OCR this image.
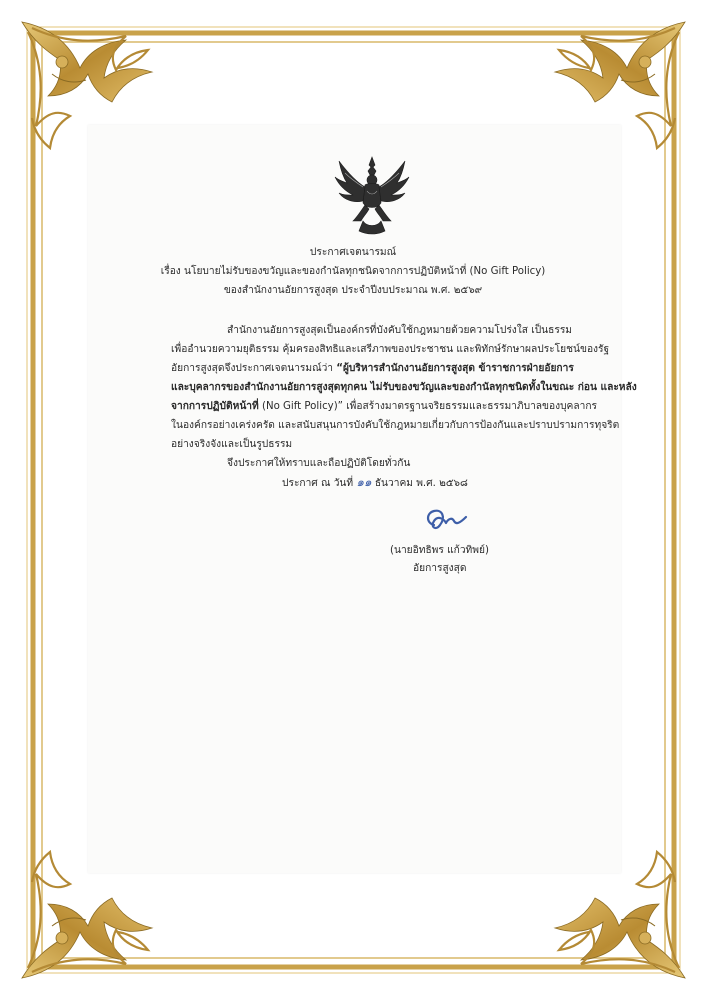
ประกาศเจตนารมณ์
เรื่อง นโยบายไม่รับของขวัญและของกำนัลทุกชนิดจากการปฏิบัติหน้าที่ (No Gift Policy)
ของสำนักงานอัยการสูงสุด ประจำปีงบประมาณ พ.ศ. ๒๕๖๙
สำนักงานอัยการสูงสุดเป็นองค์กรที่บังคับใช้กฎหมายด้วยความโปร่งใส เป็นธรรม
เพื่ออำนวยความยุติธรรม คุ้มครองสิทธิและเสรีภาพของประชาชน และพิทักษ์รักษาผลประโยชน์ของรัฐ
อัยการสูงสุดจึงประกาศเจตนารมณ์ว่า “ผู้บริหารสำนักงานอัยการสูงสุด ข้าราชการฝ่ายอัยการ
และบุคลากรของสำนักงานอัยการสูงสุดทุกคน ไม่รับของขวัญและของกำนัลทุกชนิดทั้งในขณะ ก่อน และหลัง
จากการปฏิบัติหน้าที่ (No Gift Policy)” เพื่อสร้างมาตรฐานจริยธรรมและธรรมาภิบาลของบุคลากร
ในองค์กรอย่างเคร่งครัด และสนับสนุนการบังคับใช้กฎหมายเกี่ยวกับการป้องกันและปราบปรามการทุจริต
อย่างจริงจังและเป็นรูปธรรม
จึงประกาศให้ทราบและถือปฏิบัติโดยทั่วกัน
ประกาศ ณ วันที่ ๑๑ ธันวาคม พ.ศ. ๒๕๖๘
(นายอิทธิพร แก้วทิพย์)
อัยการสูงสุด
